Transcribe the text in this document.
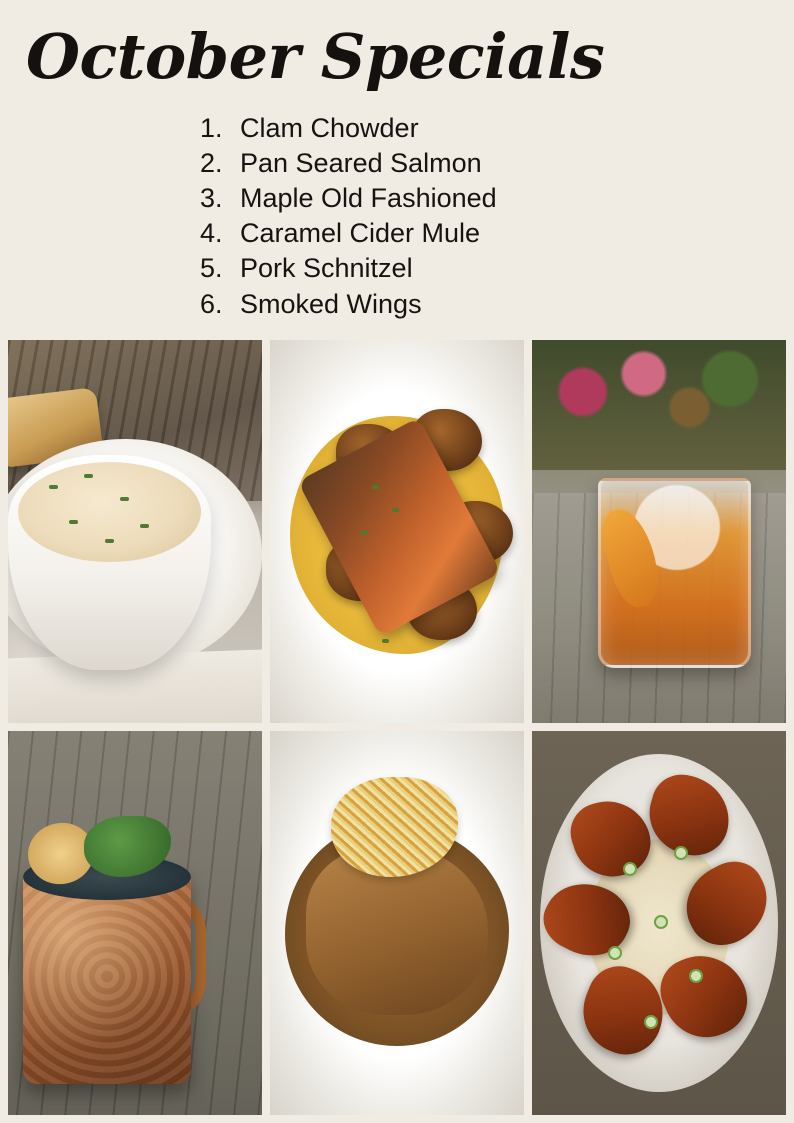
October Specials
1. Clam Chowder
2. Pan Seared Salmon
3. Maple Old Fashioned
4. Caramel Cider Mule
5. Pork Schnitzel
6. Smoked Wings
